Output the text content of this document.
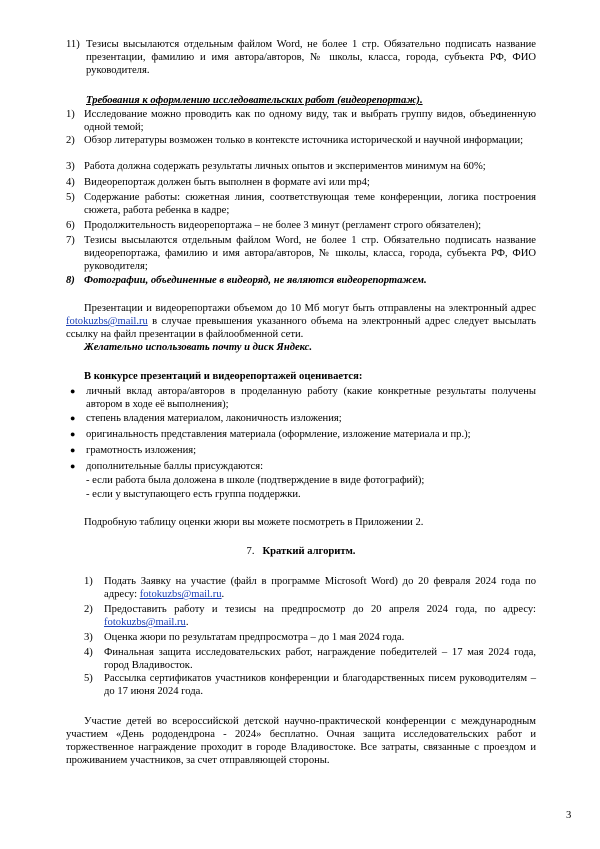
11) Тезисы высылаются отдельным файлом Word, не более 1 стр. Обязательно подписать название презентации, фамилию и имя автора/авторов, № школы, класса, города, субъекта РФ, ФИО руководителя.

Требования к оформлению исследовательских работ (видеорепортаж).

1) Исследование можно проводить как по одному виду, так и выбрать группу видов, объединенную одной темой;

2) Обзор литературы возможен только в контексте источника исторической и научной информации;

3) Работа должна содержать результаты личных опытов и экспериментов минимум на 60%;

4) Видеорепортаж должен быть выполнен в формате avi или mp4;

5) Содержание работы: сюжетная линия, соответствующая теме конференции, логика построения сюжета, работа ребенка в кадре;

6) Продолжительность видеорепортажа – не более 3 минут (регламент строго обязателен);

7) Тезисы высылаются отдельным файлом Word, не более 1 стр. Обязательно подписать название видеорепортажа, фамилию и имя автора/авторов, № школы, класса, города, субъекта РФ, ФИО руководителя;

8) Фотографии, объединенные в видеоряд, не являются видеорепортажем.

Презентации и видеорепортажи объемом до 10 Мб могут быть отправлены на электронный адрес fotokuzbs@mail.ru в случае превышения указанного объема на электронный адрес следует высылать ссылку на файл презентации в файлообменной сети.

Желательно использовать почту и диск Яндекс.

В конкурсе презентаций и видеорепортажей оценивается:

● личный вклад автора/авторов в проделанную работу (какие конкретные результаты получены автором в ходе её выполнения);

● степень владения материалом, лаконичность изложения;

● оригинальность представления материала (оформление, изложение материала и пр.);

● грамотность изложения;

● дополнительные баллы присуждаются:

- если работа была доложена в школе (подтверждение в виде фотографий);

- если у выступающего есть группа поддержки.

Подробную таблицу оценки жюри вы можете посмотреть в Приложении 2.

7. Краткий алгоритм.
1) Подать Заявку на участие (файл в программе Microsoft Word) до 20 февраля 2024 года по адресу: fotokuzbs@mail.ru.

2) Предоставить работу и тезисы на предпросмотр до 20 апреля 2024 года, по адресу: fotokuzbs@mail.ru.

3) Оценка жюри по результатам предпросмотра – до 1 мая 2024 года.

4) Финальная защита исследовательских работ, награждение победителей – 17 мая 2024 года, город Владивосток.

5) Рассылка сертификатов участников конференции и благодарственных писем руководителям – до 17 июня 2024 года.

Участие детей во всероссийской детской научно-практической конференции с международным участием «День рододендрона - 2024» бесплатно. Очная защита исследовательских работ и торжественное награждение проходит в городе Владивостоке. Все затраты, связанные с проездом и проживанием участников, за счет отправляющей стороны.

3
